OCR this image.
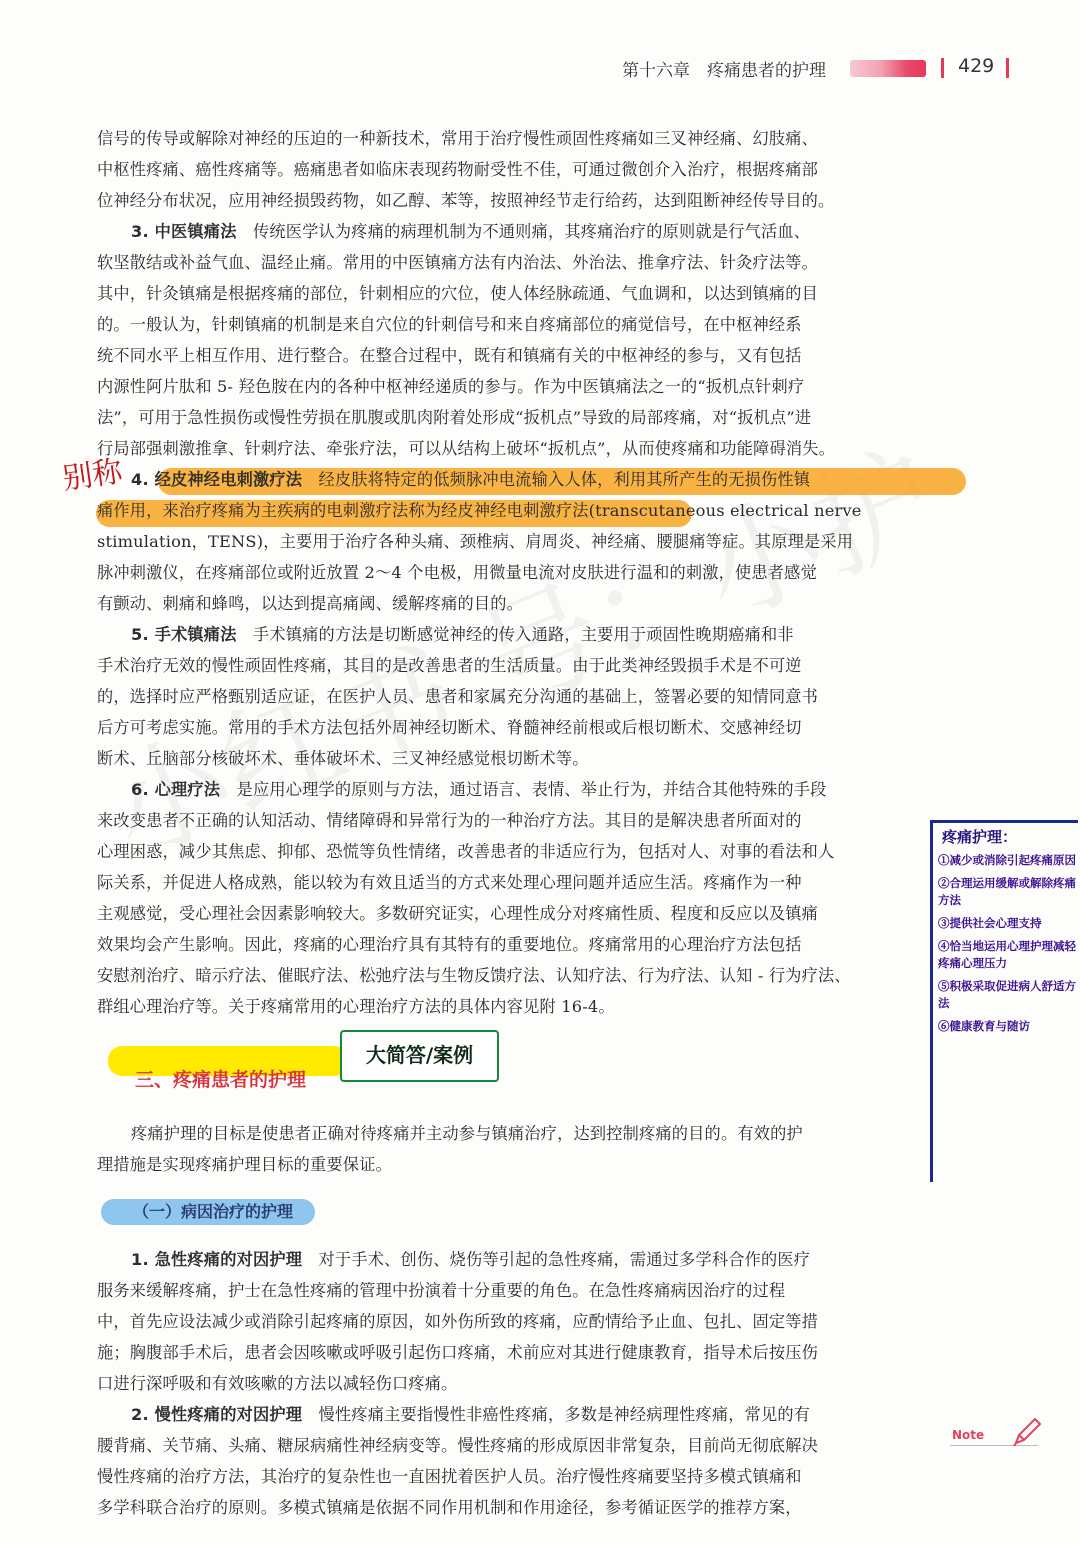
第十六章　疼痛患者的护理	429

信号的传导或解除对神经的压迫的一种新技术，常用于治疗慢性顽固性疼痛如三叉神经痛、幻肢痛、

中枢性疼痛、癌性疼痛等。癌痛患者如临床表现药物耐受性不佳，可通过微创介入治疗，根据疼痛部

位神经分布状况，应用神经损毁药物，如乙醇、苯等，按照神经节走行给药，达到阻断神经传导目的。

3. 中医镇痛法　 传统医学认为疼痛的病理机制为不通则痛，其疼痛治疗的原则就是行气活血、

软坚散结或补益气血、温经止痛。常用的中医镇痛方法有内治法、外治法、推拿疗法、针灸疗法等。

其中，针灸镇痛是根据疼痛的部位，针刺相应的穴位，使人体经脉疏通、气血调和，以达到镇痛的目

的。一般认为，针刺镇痛的机制是来自穴位的针刺信号和来自疼痛部位的痛觉信号，在中枢神经系

统不同水平上相互作用、进行整合。在整合过程中，既有和镇痛有关的中枢神经的参与，又有包括

内源性阿片肽和 5- 羟色胺在内的各种中枢神经递质的参与。作为中医镇痛法之一的“扳机点针刺疗

法”，可用于急性损伤或慢性劳损在肌腹或肌肉附着处形成“扳机点”导致的局部疼痛，对“扳机点”进

行局部强刺激推拿、针刺疗法、牵张疗法，可以从结构上破坏“扳机点”，从而使疼痛和功能障碍消失。

4. 经皮神经电刺激疗法　 经皮肤将特定的低频脉冲电流输入人体，利用其所产生的无损伤性镇

痛作用，来治疗疼痛为主疾病的电刺激疗法称为经皮神经电刺激疗法(transcutaneous electrical nerve

stimulation，TENS)，主要用于治疗各种头痛、颈椎病、肩周炎、神经痛、腰腿痛等症。其原理是采用

脉冲刺激仪，在疼痛部位或附近放置 2～4 个电极，用微量电流对皮肤进行温和的刺激，使患者感觉

有颤动、刺痛和蜂鸣，以达到提高痛阈、缓解疼痛的目的。

5. 手术镇痛法　 手术镇痛的方法是切断感觉神经的传入通路，主要用于顽固性晚期癌痛和非

手术治疗无效的慢性顽固性疼痛，其目的是改善患者的生活质量。由于此类神经毁损手术是不可逆

的，选择时应严格甄别适应证，在医护人员、患者和家属充分沟通的基础上，签署必要的知情同意书

后方可考虑实施。常用的手术方法包括外周神经切断术、脊髓神经前根或后根切断术、交感神经切

断术、丘脑部分核破坏术、垂体破坏术、三叉神经感觉根切断术等。

6. 心理疗法　 是应用心理学的原则与方法，通过语言、表情、举止行为，并结合其他特殊的手段

来改变患者不正确的认知活动、情绪障碍和异常行为的一种治疗方法。其目的是解决患者所面对的

心理困惑，减少其焦虑、抑郁、恐慌等负性情绪，改善患者的非适应行为，包括对人、对事的看法和人

际关系，并促进人格成熟，能以较为有效且适当的方式来处理心理问题并适应生活。疼痛作为一种

主观感觉，受心理社会因素影响较大。多数研究证实，心理性成分对疼痛性质、程度和反应以及镇痛

效果均会产生影响。因此，疼痛的心理治疗具有其特有的重要地位。疼痛常用的心理治疗方法包括

安慰剂治疗、暗示疗法、催眠疗法、松弛疗法与生物反馈疗法、认知疗法、行为疗法、认知 - 行为疗法、

群组心理治疗等。关于疼痛常用的心理治疗方法的具体内容见附 16-4。

三、疼痛患者的护理

疼痛护理的目标是使患者正确对待疼痛并主动参与镇痛治疗，达到控制疼痛的目的。有效的护

理措施是实现疼痛护理目标的重要保证。

（一）病因治疗的护理

1. 急性疼痛的对因护理　 对于手术、创伤、烧伤等引起的急性疼痛，需通过多学科合作的医疗

服务来缓解疼痛，护士在急性疼痛的管理中扮演着十分重要的角色。在急性疼痛病因治疗的过程

中，首先应设法减少或消除引起疼痛的原因，如外伤所致的疼痛，应酌情给予止血、包扎、固定等措

施；胸腹部手术后，患者会因咳嗽或呼吸引起伤口疼痛，术前应对其进行健康教育，指导术后按压伤

口进行深呼吸和有效咳嗽的方法以减轻伤口疼痛。

2. 慢性疼痛的对因护理　 慢性疼痛主要指慢性非癌性疼痛，多数是神经病理性疼痛，常见的有

腰背痛、关节痛、头痛、糖尿病痛性神经病变等。慢性疼痛的形成原因非常复杂，目前尚无彻底解决

慢性疼痛的治疗方法，其治疗的复杂性也一直困扰着医护人员。治疗慢性疼痛要坚持多模式镇痛和

多学科联合治疗的原则。多模式镇痛是依据不同作用机制和作用途径，参考循证医学的推荐方案，

别称
大简答/案例
疼痛护理：
①减少或消除引起疼痛原因
②合理运用缓解或解除疼痛方法
③提供社会心理支持
④恰当地运用心理护理减轻疼痛心理压力
⑤积极采取促进病人舒适方法
⑥健康教育与随访
Note
